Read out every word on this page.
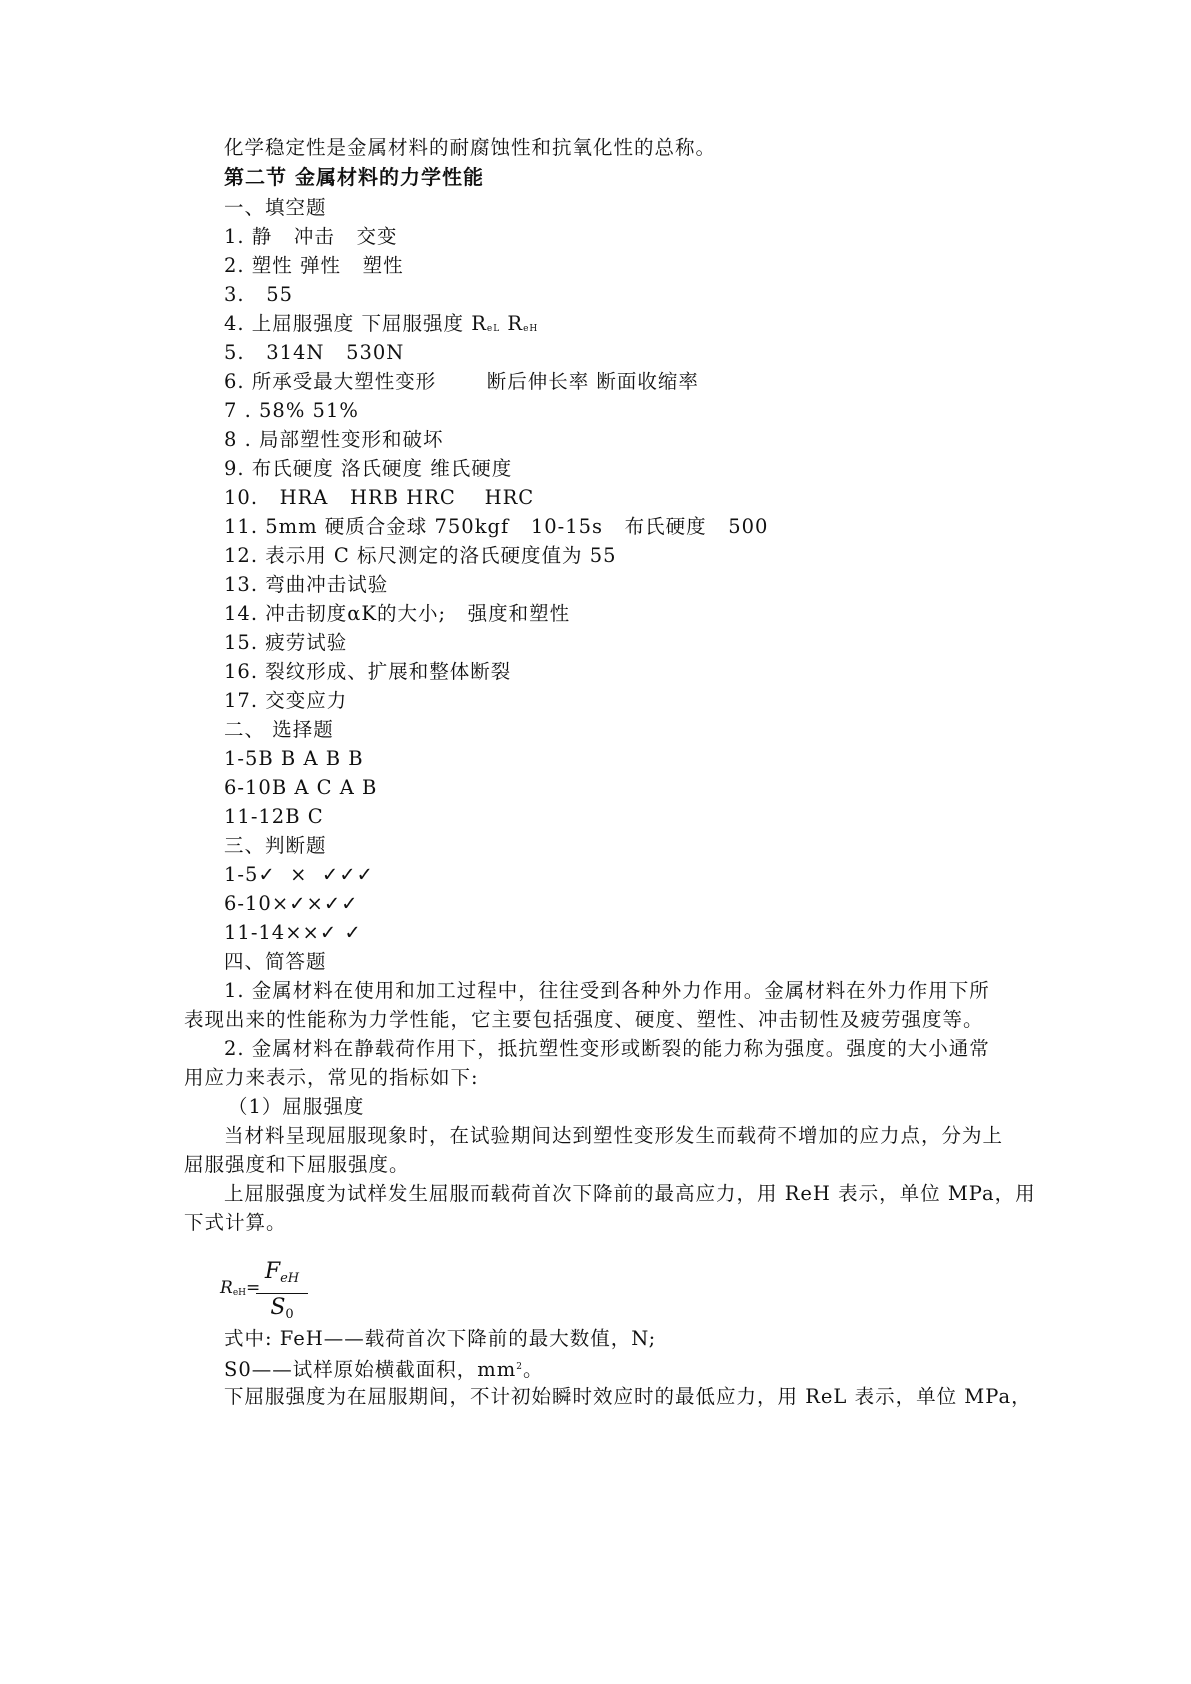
化学稳定性是金属材料的耐腐蚀性和抗氧化性的总称。
第二节 金属材料的力学性能
一、填空题
1. 静   冲击   交变
2. 塑性 弹性   塑性
3.   55
4. 上屈服强度 下屈服强度 ReL ReH
5.   314N   530N
6. 所承受最大塑性变形       断后伸长率 断面收缩率
7 . 58% 51%
8 . 局部塑性变形和破坏
9. 布氏硬度 洛氏硬度 维氏硬度
10.   HRA   HRB HRC    HRC
11. 5mm 硬质合金球 750kgf   10-15s   布氏硬度   500
12. 表示用 C 标尺测定的洛氏硬度值为 55
13. 弯曲冲击试验
14. 冲击韧度αK的大小;   强度和塑性
15. 疲劳试验
16. 裂纹形成、扩展和整体断裂
17. 交变应力
二、 选择题
1-5B B A B B
6-10B A C A B
11-12B C
三、判断题
1-5✓  ×  ✓✓✓
6-10×✓×✓✓
11-14××✓ ✓
四、简答题
1. 金属材料在使用和加工过程中，往往受到各种外力作用。金属材料在外力作用下所
表现出来的性能称为力学性能，它主要包括强度、硬度、塑性、冲击韧性及疲劳强度等。
2. 金属材料在静载荷作用下，抵抗塑性变形或断裂的能力称为强度。强度的大小通常
用应力来表示，常见的指标如下:
（1）屈服强度
当材料呈现屈服现象时，在试验期间达到塑性变形发生而载荷不增加的应力点，分为上
屈服强度和下屈服强度。
上屈服强度为试样发生屈服而载荷首次下降前的最高应力，用 ReH 表示，单位 MPa，用
下式计算。
ReH=
FeH
S0
式中: FeH——载荷首次下降前的最大数值，N;
S0——试样原始横截面积，$mm^2$。
下屈服强度为在屈服期间，不计初始瞬时效应时的最低应力，用 ReL 表示，单位 MPa，
